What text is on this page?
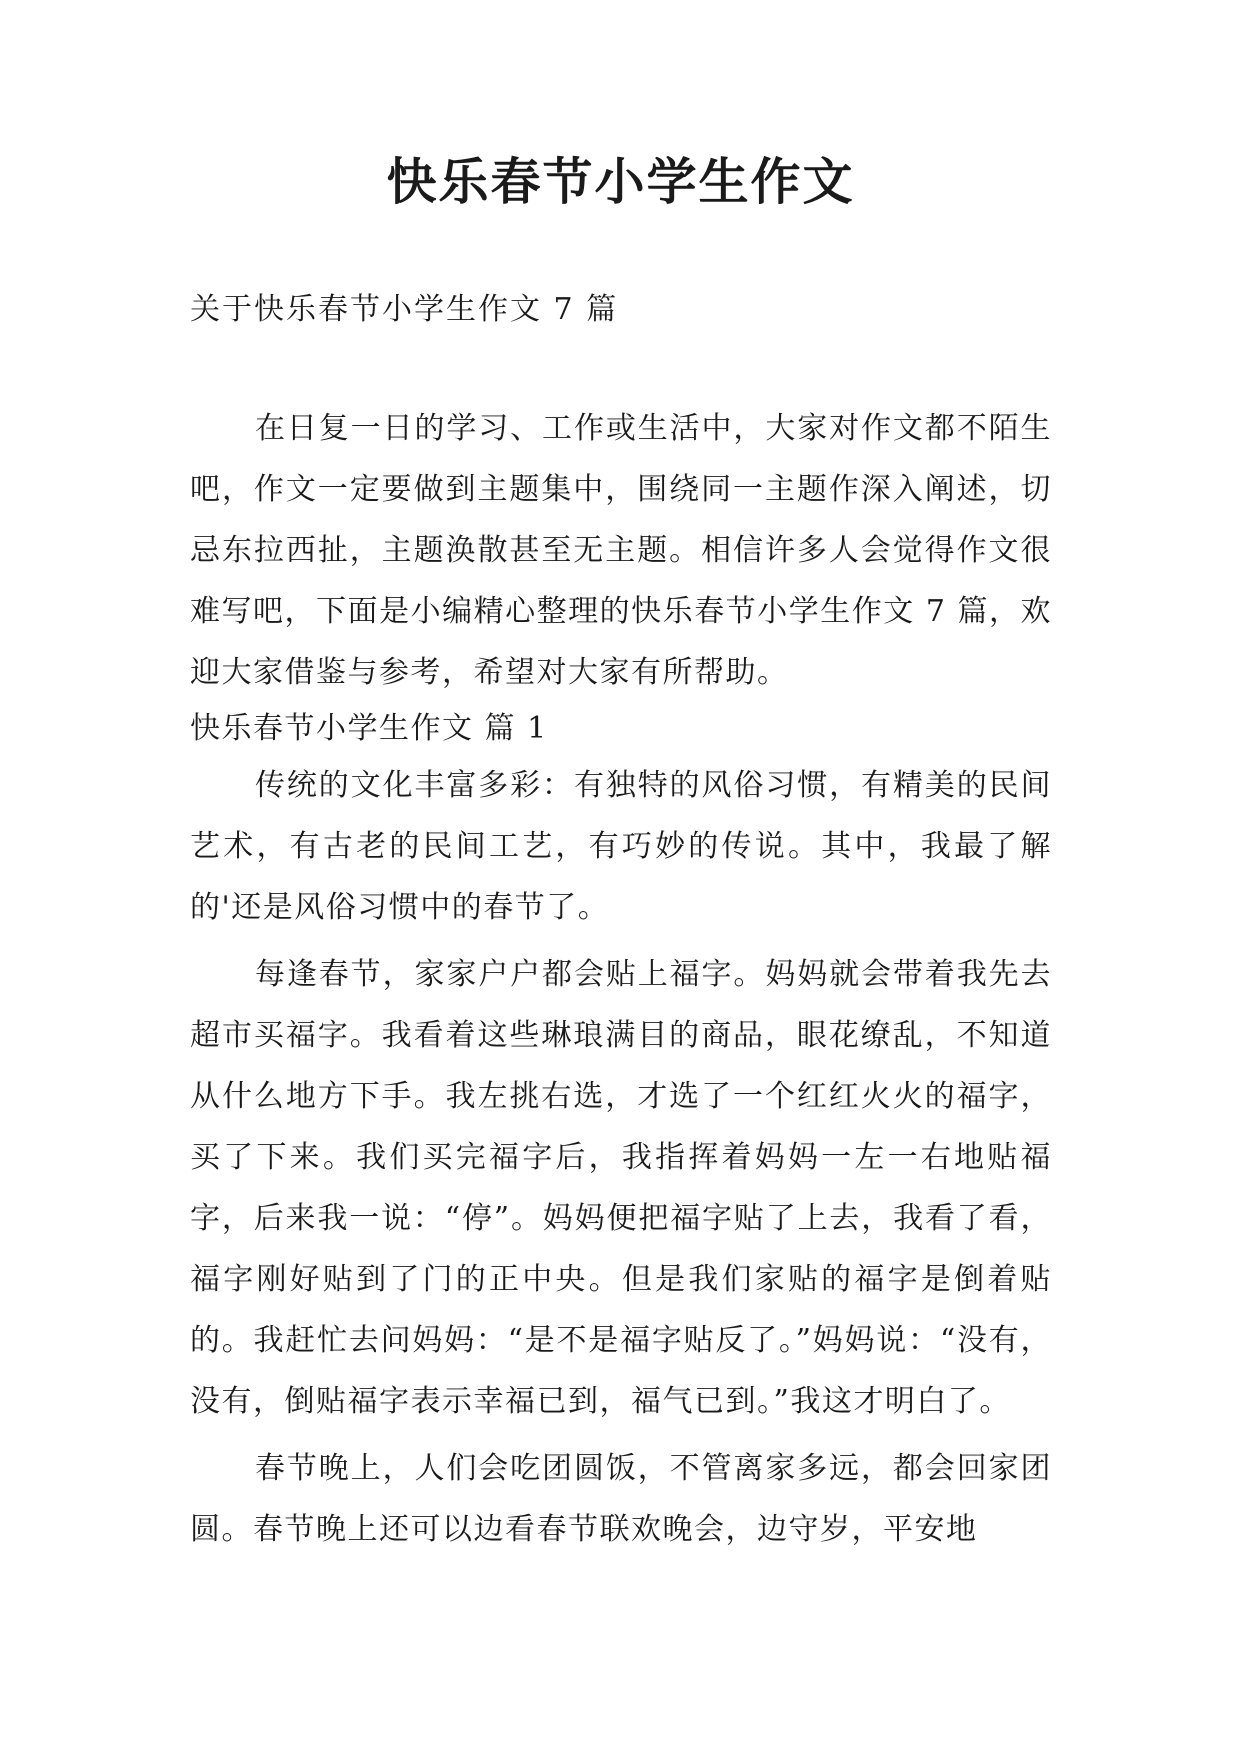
快乐春节小学生作文
关于快乐春节小学生作文 7 篇

在日复一日的学习、工作或生活中，大家对作文都不陌生吧，作文一定要做到主题集中，围绕同一主题作深入阐述，切忌东拉西扯，主题涣散甚至无主题。相信许多人会觉得作文很难写吧，下面是小编精心整理的快乐春节小学生作文 7 篇，欢迎大家借鉴与参考，希望对大家有所帮助。

快乐春节小学生作文 篇 1

传统的文化丰富多彩：有独特的风俗习惯，有精美的民间艺术，有古老的民间工艺，有巧妙的传说。其中，我最了解的'还是风俗习惯中的春节了。

每逢春节，家家户户都会贴上福字。妈妈就会带着我先去超市买福字。我看着这些琳琅满目的商品，眼花缭乱，不知道从什么地方下手。我左挑右选，才选了一个红红火火的福字，买了下来。我们买完福字后，我指挥着妈妈一左一右地贴福字，后来我一说：“停”。妈妈便把福字贴了上去，我看了看，福字刚好贴到了门的正中央。但是我们家贴的福字是倒着贴的。我赶忙去问妈妈：“是不是福字贴反了。”妈妈说：“没有，没有，倒贴福字表示幸福已到，福气已到。”我这才明白了。

春节晚上，人们会吃团圆饭，不管离家多远，都会回家团圆。春节晚上还可以边看春节联欢晚会，边守岁，平安地
